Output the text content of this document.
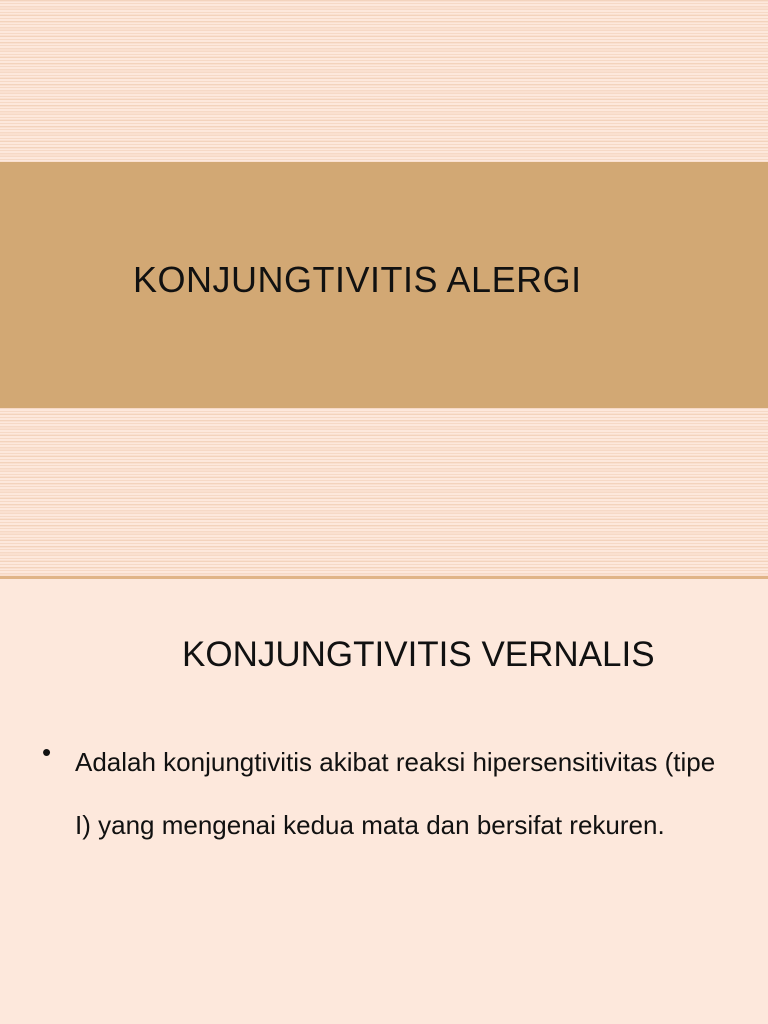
KONJUNGTIVITIS ALERGI
KONJUNGTIVITIS VERNALIS
• Adalah konjungtivitis akibat reaksi hipersensitivitas (tipe I) yang mengenai kedua mata dan bersifat rekuren.
